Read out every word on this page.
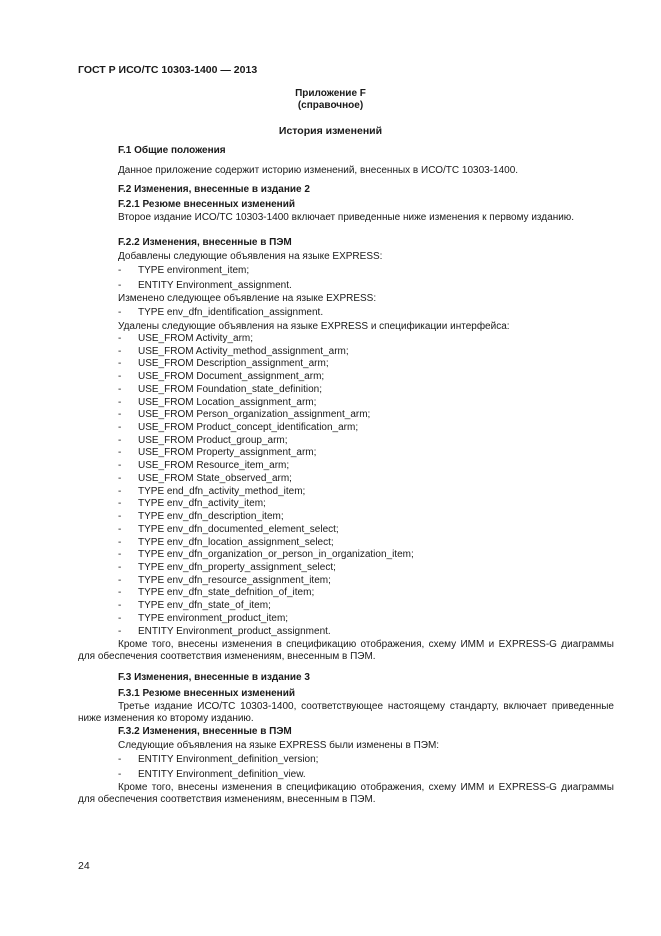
ГОСТ Р ИСО/ТС 10303-1400 — 2013
Приложение F
(справочное)
История изменений
F.1 Общие положения
Данное приложение содержит историю изменений, внесенных в ИСО/ТС 10303-1400.
F.2 Изменения, внесенные в издание 2
F.2.1 Резюме внесенных изменений
Второе издание ИСО/ТС 10303-1400 включает приведенные ниже изменения к первому изданию.
F.2.2 Изменения, внесенные в ПЭМ
Добавлены следующие объявления на языке EXPRESS:
- TYPE environment_item;
- ENTITY Environment_assignment.
Изменено следующее объявление на языке EXPRESS:
- TYPE env_dfn_identification_assignment.
Удалены следующие объявления на языке EXPRESS и спецификации интерфейса:
- USE_FROM Activity_arm;
- USE_FROM Activity_method_assignment_arm;
- USE_FROM Description_assignment_arm;
- USE_FROM Document_assignment_arm;
- USE_FROM Foundation_state_definition;
- USE_FROM Location_assignment_arm;
- USE_FROM Person_organization_assignment_arm;
- USE_FROM Product_concept_identification_arm;
- USE_FROM Product_group_arm;
- USE_FROM Property_assignment_arm;
- USE_FROM Resource_item_arm;
- USE_FROM State_observed_arm;
- TYPE end_dfn_activity_method_item;
- TYPE env_dfn_activity_item;
- TYPE env_dfn_description_item;
- TYPE env_dfn_documented_element_select;
- TYPE env_dfn_location_assignment_select;
- TYPE env_dfn_organization_or_person_in_organization_item;
- TYPE env_dfn_property_assignment_select;
- TYPE env_dfn_resource_assignment_item;
- TYPE env_dfn_state_defnition_of_item;
- TYPE env_dfn_state_of_item;
- TYPE environment_product_item;
- ENTITY Environment_product_assignment.
Кроме того, внесены изменения в спецификацию отображения, схему ИММ и EXPRESS-G диаграммы для обеспечения соответствия изменениям, внесенным в ПЭМ.
F.3 Изменения, внесенные в издание 3
F.3.1 Резюме внесенных изменений
Третье издание ИСО/ТС 10303-1400, соответствующее настоящему стандарту, включает приведенные ниже изменения ко второму изданию.
F.3.2 Изменения, внесенные в ПЭМ
Следующие объявления на языке EXPRESS были изменены в ПЭМ:
- ENTITY Environment_definition_version;
- ENTITY Environment_definition_view.
Кроме того, внесены изменения в спецификацию отображения, схему ИММ и EXPRESS-G диаграммы для обеспечения соответствия изменениям, внесенным в ПЭМ.
24
